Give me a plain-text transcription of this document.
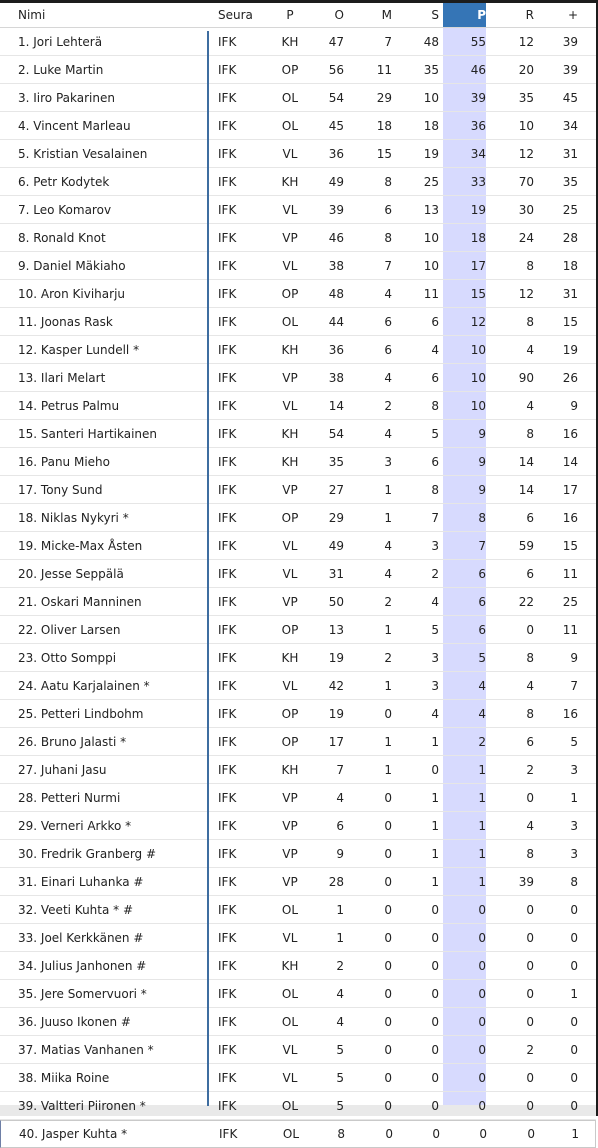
Nimi	Seura	P	O	M	S	P	R	+
1. Jori Lehterä	IFK	KH	47	7	48	55	12	39
2. Luke Martin	IFK	OP	56	11	35	46	20	39
3. Iiro Pakarinen	IFK	OL	54	29	10	39	35	45
4. Vincent Marleau	IFK	OL	45	18	18	36	10	34
5. Kristian Vesalainen	IFK	VL	36	15	19	34	12	31
6. Petr Kodytek	IFK	KH	49	8	25	33	70	35
7. Leo Komarov	IFK	VL	39	6	13	19	30	25
8. Ronald Knot	IFK	VP	46	8	10	18	24	28
9. Daniel Mäkiaho	IFK	VL	38	7	10	17	8	18
10. Aron Kiviharju	IFK	OP	48	4	11	15	12	31
11. Joonas Rask	IFK	OL	44	6	6	12	8	15
12. Kasper Lundell *	IFK	KH	36	6	4	10	4	19
13. Ilari Melart	IFK	VP	38	4	6	10	90	26
14. Petrus Palmu	IFK	VL	14	2	8	10	4	9
15. Santeri Hartikainen	IFK	KH	54	4	5	9	8	16
16. Panu Mieho	IFK	KH	35	3	6	9	14	14
17. Tony Sund	IFK	VP	27	1	8	9	14	17
18. Niklas Nykyri *	IFK	OP	29	1	7	8	6	16
19. Micke-Max Åsten	IFK	VL	49	4	3	7	59	15
20. Jesse Seppälä	IFK	VL	31	4	2	6	6	11
21. Oskari Manninen	IFK	VP	50	2	4	6	22	25
22. Oliver Larsen	IFK	OP	13	1	5	6	0	11
23. Otto Somppi	IFK	KH	19	2	3	5	8	9
24. Aatu Karjalainen *	IFK	VL	42	1	3	4	4	7
25. Petteri Lindbohm	IFK	OP	19	0	4	4	8	16
26. Bruno Jalasti *	IFK	OP	17	1	1	2	6	5
27. Juhani Jasu	IFK	KH	7	1	0	1	2	3
28. Petteri Nurmi	IFK	VP	4	0	1	1	0	1
29. Verneri Arkko *	IFK	VP	6	0	1	1	4	3
30. Fredrik Granberg #	IFK	VP	9	0	1	1	8	3
31. Einari Luhanka #	IFK	VP	28	0	1	1	39	8
32. Veeti Kuhta * #	IFK	OL	1	0	0	0	0	0
33. Joel Kerkkänen #	IFK	VL	1	0	0	0	0	0
34. Julius Janhonen #	IFK	KH	2	0	0	0	0	0
35. Jere Somervuori *	IFK	OL	4	0	0	0	0	1
36. Juuso Ikonen #	IFK	OL	4	0	0	0	0	0
37. Matias Vanhanen *	IFK	VL	5	0	0	0	2	0
38. Miika Roine	IFK	VL	5	0	0	0	0	0
39. Valtteri Piironen *	IFK	OL	5	0	0	0	0	0
40. Jasper Kuhta *	IFK	OL	8	0	0	0	0	1
